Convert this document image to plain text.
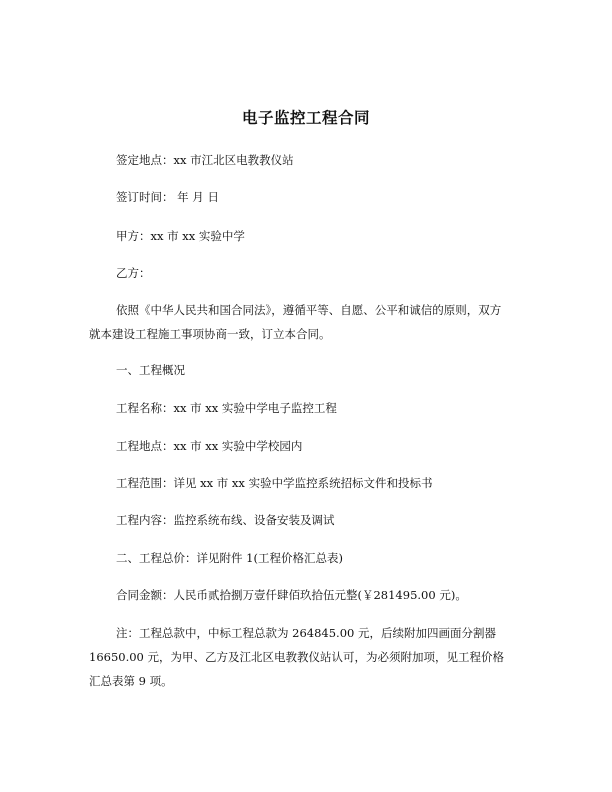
电子监控工程合同
签定地点：xx 市江北区电教教仪站
签订时间： 年 月 日
甲方：xx 市 xx 实验中学
乙方：
依照《中华人民共和国合同法》，遵循平等、自愿、公平和诚信的原则，双方
就本建设工程施工事项协商一致，订立本合同。
一、工程概况
工程名称：xx 市 xx 实验中学电子监控工程
工程地点：xx 市 xx 实验中学校园内
工程范围：详见 xx 市 xx 实验中学监控系统招标文件和投标书
工程内容：监控系统布线、设备安装及调试
二、工程总价：详见附件 1(工程价格汇总表)
合同金额：人民币贰拾捌万壹仟肆佰玖拾伍元整(￥281495.00 元)。
注：工程总款中，中标工程总款为 264845.00 元，后续附加四画面分割器
16650.00 元，为甲、乙方及江北区电教教仪站认可，为必须附加项，见工程价格
汇总表第 9 项。
